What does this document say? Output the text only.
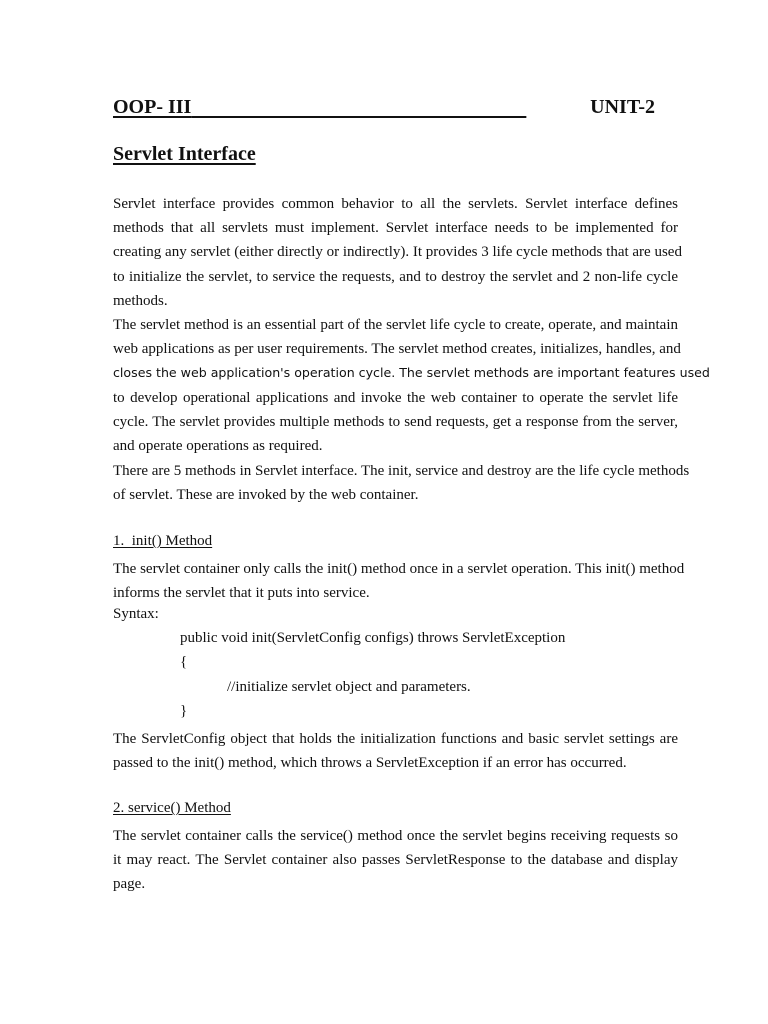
OOP- III	UNIT-2
Servlet Interface

Servlet interface provides common behavior to all the servlets. Servlet interface defines
methods that all servlets must implement. Servlet interface needs to be implemented for
creating any servlet (either directly or indirectly). It provides 3 life cycle methods that are used
to initialize the servlet, to service the requests, and to destroy the servlet and 2 non-life cycle
methods.

The servlet method is an essential part of the servlet life cycle to create, operate, and maintain
web applications as per user requirements. The servlet method creates, initializes, handles, and
closes the web application's operation cycle. The servlet methods are important features used
to develop operational applications and invoke the web container to operate the servlet life
cycle. The servlet provides multiple methods to send requests, get a response from the server,
and operate operations as required.

There are 5 methods in Servlet interface. The init, service and destroy are the life cycle methods
of servlet. These are invoked by the web container.

1.  init() Method

The servlet container only calls the init() method once in a servlet operation. This init() method
informs the servlet that it puts into service.

Syntax:
public void init(ServletConfig configs) throws ServletException
{
//initialize servlet object and parameters.
}

The ServletConfig object that holds the initialization functions and basic servlet settings are
passed to the init() method, which throws a ServletException if an error has occurred.

2. service() Method

The servlet container calls the service() method once the servlet begins receiving requests so
it may react. The Servlet container also passes ServletResponse to the database and display
page.
